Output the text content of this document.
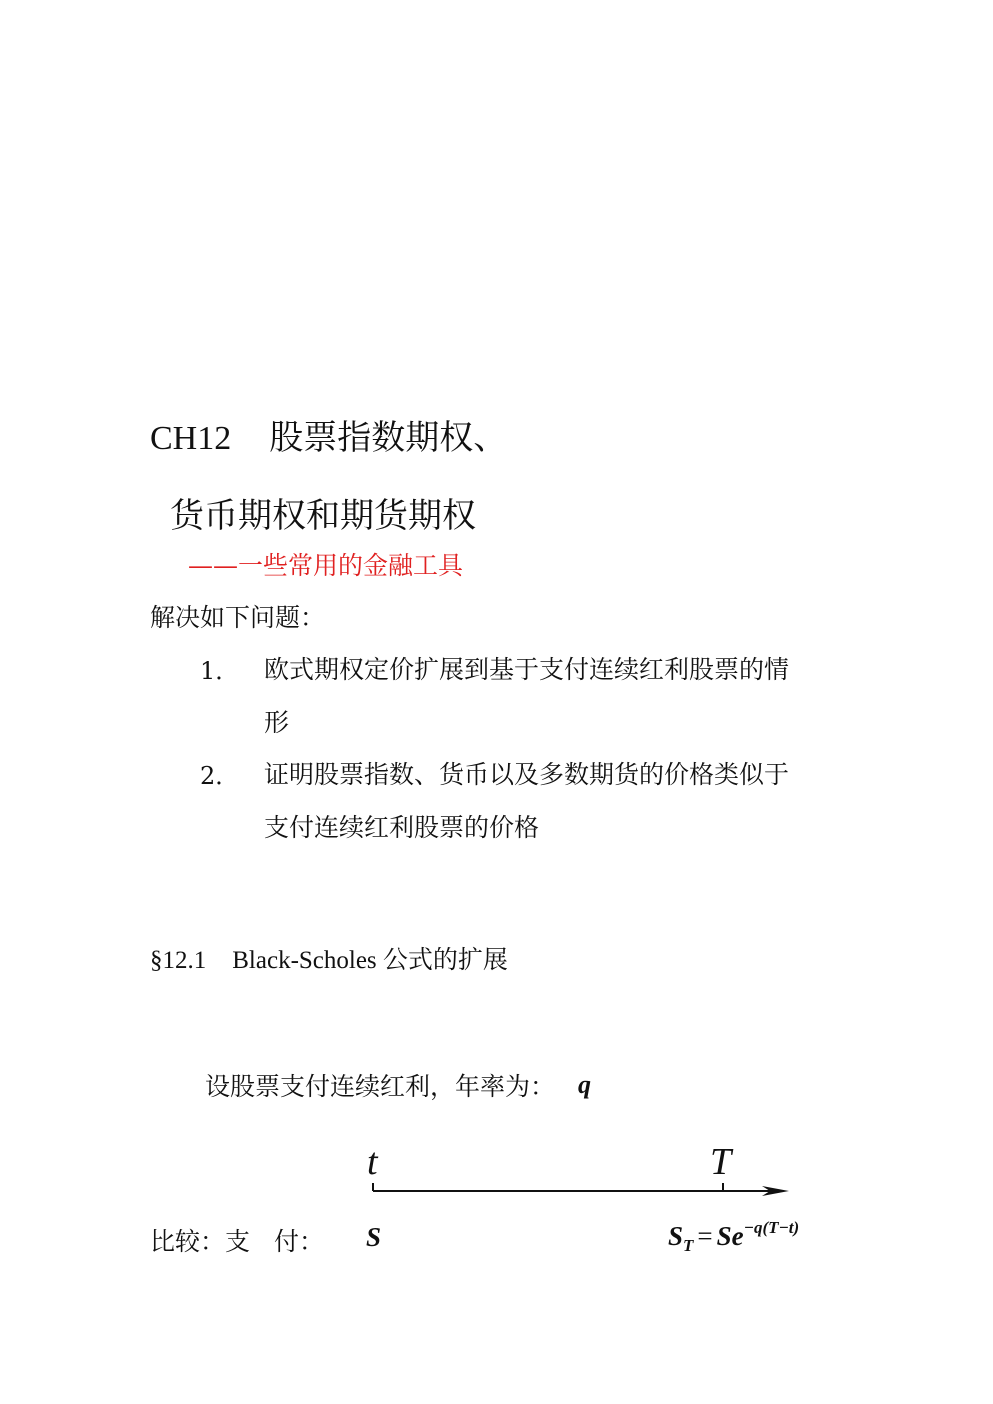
CH12 股票指数期权、
货币期权和期货期权
——一些常用的金融工具
解决如下问题：
1． 欧式期权定价扩展到基于支付连续红利股票的情
形
2． 证明股票指数、货币以及多数期货的价格类似于
支付连续红利股票的价格
§12.1 Black-Scholes 公式的扩展
设股票支付连续红利，年率为： q
t	T
比较：支 付： S	$S_T = Se^{-q(T-t)}$
